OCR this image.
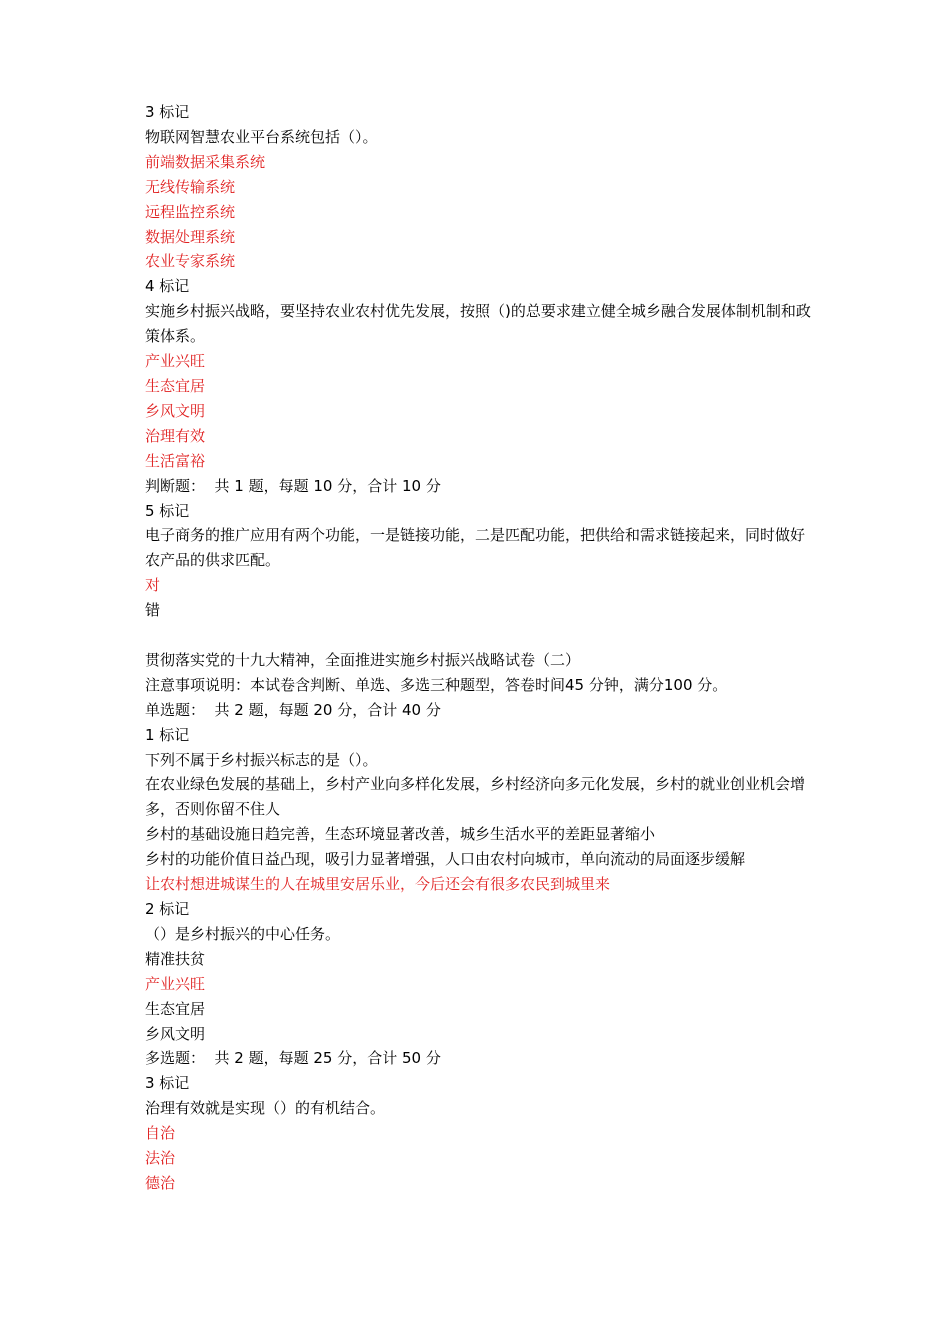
3 标记
物联网智慧农业平台系统包括（）。
前端数据采集系统
无线传输系统
远程监控系统
数据处理系统
农业专家系统
4 标记
实施乡村振兴战略，要坚持农业农村优先发展，按照（)的总要求建立健全城乡融合发展体制机制和政策体系。
产业兴旺
生态宜居
乡风文明
治理有效
生活富裕
判断题：  共 1 题，每题 10 分，合计 10 分
5 标记
电子商务的推广应用有两个功能，一是链接功能，二是匹配功能，把供给和需求链接起来，同时做好农产品的供求匹配。
对
错
贯彻落实党的十九大精神，全面推进实施乡村振兴战略试卷（二）
注意事项说明：本试卷含判断、单选、多选三种题型，答卷时间45 分钟，满分100 分。
单选题：  共 2 题，每题 20 分，合计 40 分
1 标记
下列不属于乡村振兴标志的是（）。
在农业绿色发展的基础上，乡村产业向多样化发展，乡村经济向多元化发展，乡村的就业创业机会增多，否则你留不住人
乡村的基础设施日趋完善，生态环境显著改善，城乡生活水平的差距显著缩小
乡村的功能价值日益凸现，吸引力显著增强，人口由农村向城市，单向流动的局面逐步缓解
让农村想进城谋生的人在城里安居乐业，今后还会有很多农民到城里来
2 标记
（）是乡村振兴的中心任务。
精准扶贫
产业兴旺
生态宜居
乡风文明
多选题：  共 2 题，每题 25 分，合计 50 分
3 标记
治理有效就是实现（）的有机结合。
自治
法治
德治
